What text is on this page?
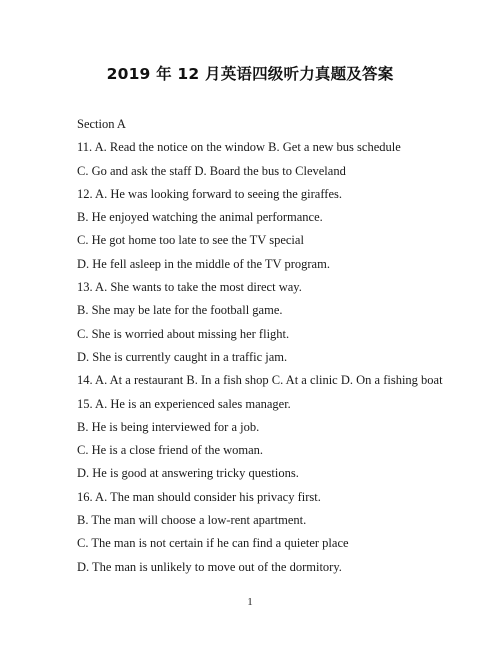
2019 年 12 月英语四级听力真题及答案
Section A
11. A. Read the notice on the window B. Get a new bus schedule
C. Go and ask the staff D. Board the bus to Cleveland
12. A. He was looking forward to seeing the giraffes.
B. He enjoyed watching the animal performance.
C. He got home too late to see the TV special
D. He fell asleep in the middle of the TV program.
13. A. She wants to take the most direct way.
B. She may be late for the football game.
C. She is worried about missing her flight.
D. She is currently caught in a traffic jam.
14. A. At a restaurant B. In a fish shop C. At a clinic D. On a fishing boat
15. A. He is an experienced sales manager.
B. He is being interviewed for a job.
C. He is a close friend of the woman.
D. He is good at answering tricky questions.
16. A. The man should consider his privacy first.
B. The man will choose a low-rent apartment.
C. The man is not certain if he can find a quieter place
D. The man is unlikely to move out of the dormitory.
1
